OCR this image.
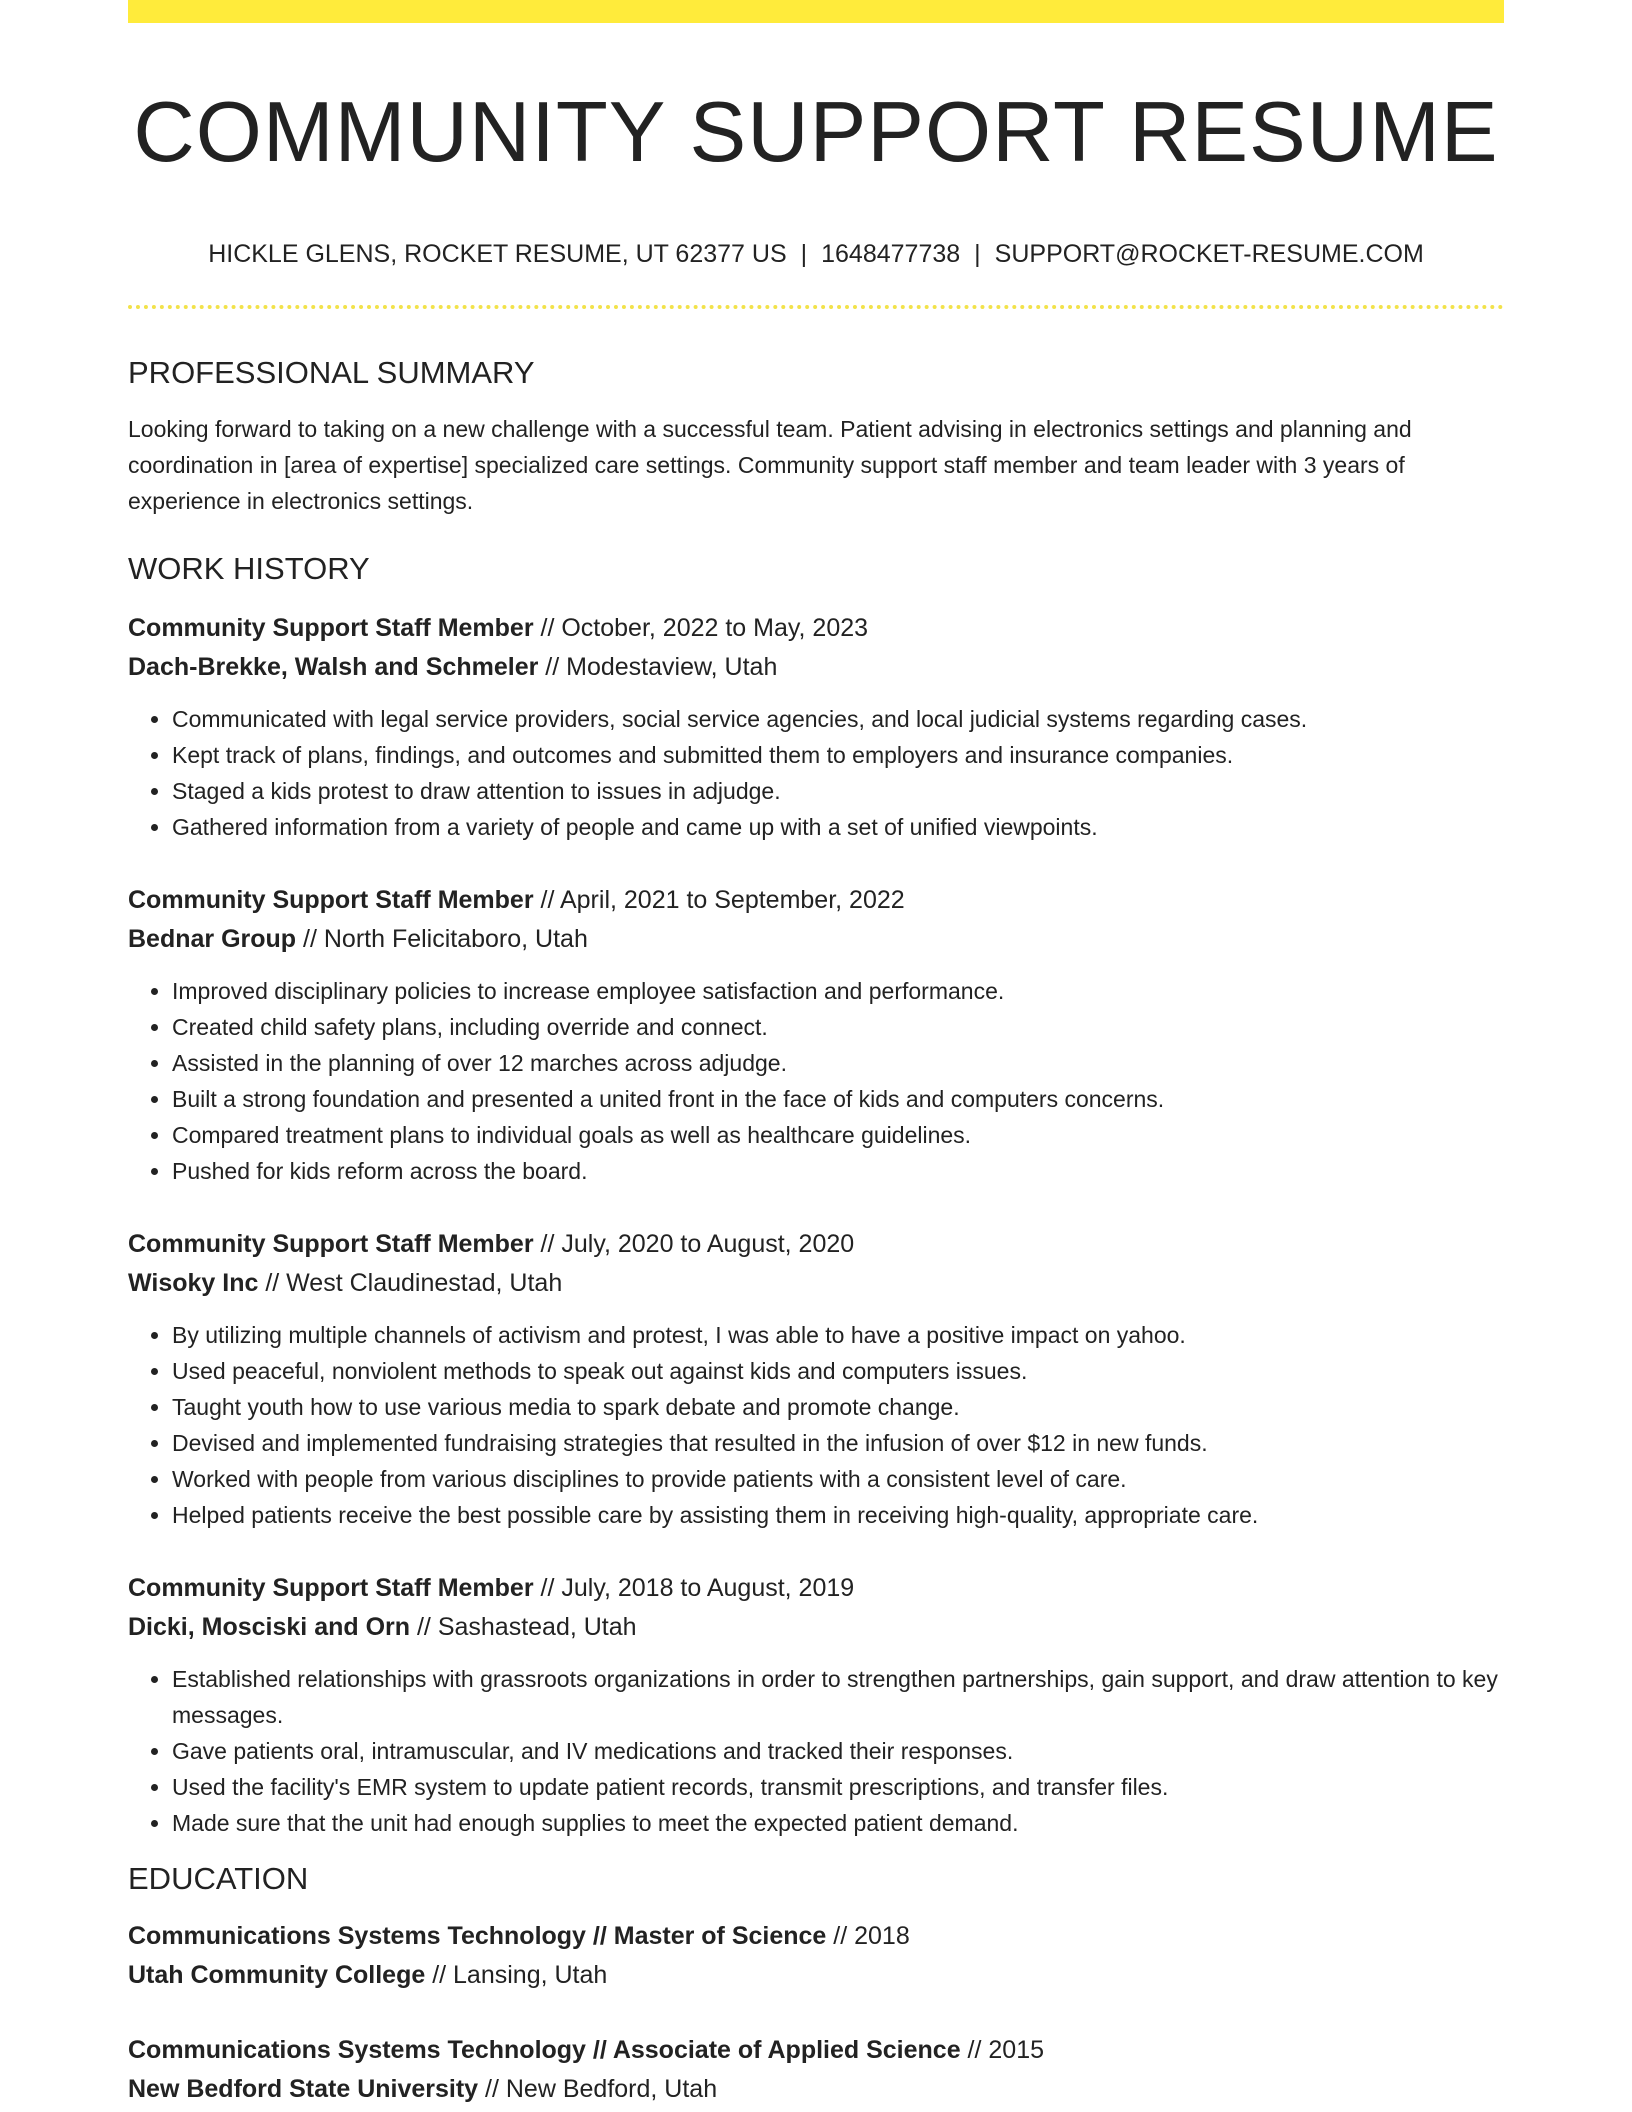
COMMUNITY SUPPORT RESUME
HICKLE GLENS, ROCKET RESUME, UT 62377 US | 1648477738 | SUPPORT@ROCKET-RESUME.COM
PROFESSIONAL SUMMARY

Looking forward to taking on a new challenge with a successful team. Patient advising in electronics settings and planning and coordination in [area of expertise] specialized care settings. Community support staff member and team leader with 3 years of experience in electronics settings.

WORK HISTORY
Community Support Staff Member // October, 2022 to May, 2023
Dach-Brekke, Walsh and Schmeler // Modestaview, Utah
• Communicated with legal service providers, social service agencies, and local judicial systems regarding cases.
• Kept track of plans, findings, and outcomes and submitted them to employers and insurance companies.
• Staged a kids protest to draw attention to issues in adjudge.
• Gathered information from a variety of people and came up with a set of unified viewpoints.
Community Support Staff Member // April, 2021 to September, 2022
Bednar Group // North Felicitaboro, Utah
• Improved disciplinary policies to increase employee satisfaction and performance.
• Created child safety plans, including override and connect.
• Assisted in the planning of over 12 marches across adjudge.
• Built a strong foundation and presented a united front in the face of kids and computers concerns.
• Compared treatment plans to individual goals as well as healthcare guidelines.
• Pushed for kids reform across the board.
Community Support Staff Member // July, 2020 to August, 2020
Wisoky Inc // West Claudinestad, Utah
• By utilizing multiple channels of activism and protest, I was able to have a positive impact on yahoo.
• Used peaceful, nonviolent methods to speak out against kids and computers issues.
• Taught youth how to use various media to spark debate and promote change.
• Devised and implemented fundraising strategies that resulted in the infusion of over $12 in new funds.
• Worked with people from various disciplines to provide patients with a consistent level of care.
• Helped patients receive the best possible care by assisting them in receiving high-quality, appropriate care.
Community Support Staff Member // July, 2018 to August, 2019
Dicki, Mosciski and Orn // Sashastead, Utah
• Established relationships with grassroots organizations in order to strengthen partnerships, gain support, and draw attention to key messages.
• Gave patients oral, intramuscular, and IV medications and tracked their responses.
• Used the facility's EMR system to update patient records, transmit prescriptions, and transfer files.
• Made sure that the unit had enough supplies to meet the expected patient demand.
EDUCATION
Communications Systems Technology // Master of Science // 2018
Utah Community College // Lansing, Utah
Communications Systems Technology // Associate of Applied Science // 2015
New Bedford State University // New Bedford, Utah
